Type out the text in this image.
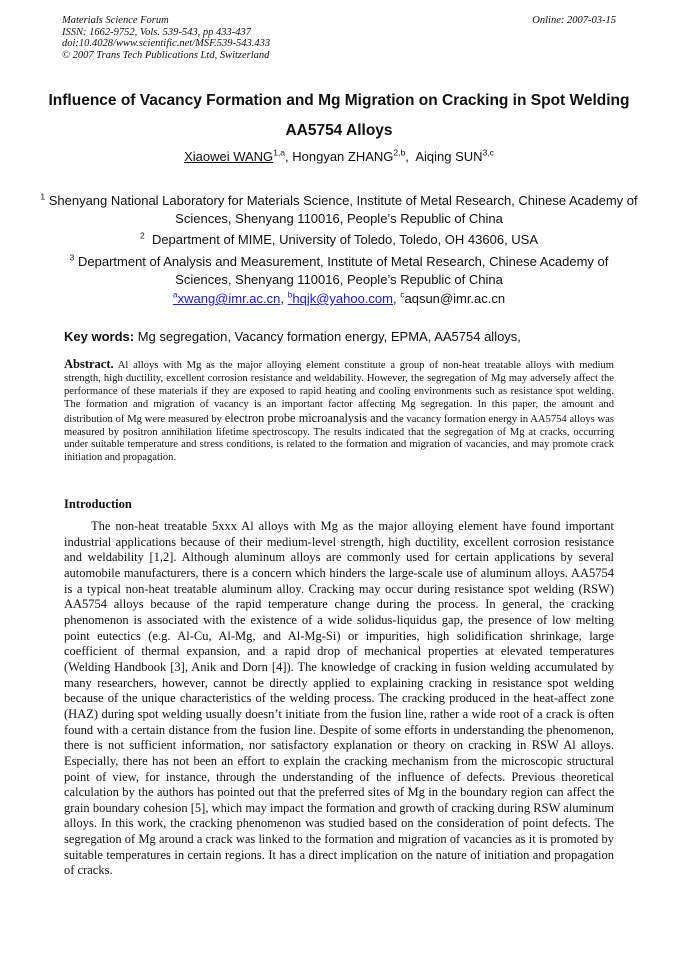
Materials Science Forum
ISSN: 1662-9752, Vols. 539-543, pp 433-437
doi:10.4028/www.scientific.net/MSF.539-543.433
© 2007 Trans Tech Publications Ltd, Switzerland
Online: 2007-03-15
Influence of Vacancy Formation and Mg Migration on Cracking in Spot Welding AA5754 Alloys
Xiaowei WANG$^{1,a}$, Hongyan ZHANG$^{2,b}$,  Aiqing SUN$^{3,c}$
$^1$ Shenyang National Laboratory for Materials Science, Institute of Metal Research, Chinese Academy of Sciences, Shenyang 110016, People’s Republic of China
$^2$ Department of MIME, University of Toledo, Toledo, OH 43606, USA
$^3$ Department of Analysis and Measurement, Institute of Metal Research, Chinese Academy of Sciences, Shenyang 110016, People’s Republic of China
$^a$xwang@imr.ac.cn, $^b$hqjk@yahoo.com, $^c$aqsun@imr.ac.cn
Key words: Mg segregation, Vacancy formation energy, EPMA, AA5754 alloys,
Abstract. Al alloys with Mg as the major alloying element constitute a group of non-heat treatable alloys with medium strength, high ductility, excellent corrosion resistance and weldability. However, the segregation of Mg may adversely affect the performance of these materials if they are exposed to rapid heating and cooling environments such as resistance spot welding. The formation and migration of vacancy is an important factor affecting Mg segregation. In this paper, the amount and distribution of Mg were measured by electron probe microanalysis and the vacancy formation energy in AA5754 alloys was measured by positron annihilation lifetime spectroscopy. The results indicated that the segregation of Mg at cracks, occurring under suitable temperature and stress conditions, is related to the formation and migration of vacancies, and may promote crack initiation and propagation.
Introduction

The non-heat treatable 5xxx Al alloys with Mg as the major alloying element have found important industrial applications because of their medium-level strength, high ductility, excellent corrosion resistance and weldability [1,2]. Although aluminum alloys are commonly used for certain applications by several automobile manufacturers, there is a concern which hinders the large-scale use of aluminum alloys. AA5754 is a typical non-heat treatable aluminum alloy. Cracking may occur during resistance spot welding (RSW) AA5754 alloys because of the rapid temperature change during the process. In general, the cracking phenomenon is associated with the existence of a wide solidus-liquidus gap, the presence of low melting point eutectics (e.g. Al-Cu, Al-Mg, and Al-Mg-Si) or impurities, high solidification shrinkage, large coefficient of thermal expansion, and a rapid drop of mechanical properties at elevated temperatures (Welding Handbook [3], Anik and Dorn [4]). The knowledge of cracking in fusion welding accumulated by many researchers, however, cannot be directly applied to explaining cracking in resistance spot welding because of the unique characteristics of the welding process. The cracking produced in the heat-affect zone (HAZ) during spot welding usually doesn’t initiate from the fusion line, rather a wide root of a crack is often found with a certain distance from the fusion line. Despite of some efforts in understanding the phenomenon, there is not sufficient information, nor satisfactory explanation or theory on cracking in RSW Al alloys. Especially, there has not been an effort to explain the cracking mechanism from the microscopic structural point of view, for instance, through the understanding of the influence of defects. Previous theoretical calculation by the authors has pointed out that the preferred sites of Mg in the boundary region can affect the grain boundary cohesion [5], which may impact the formation and growth of cracking during RSW aluminum alloys. In this work, the cracking phenomenon was studied based on the consideration of point defects. The segregation of Mg around a crack was linked to the formation and migration of vacancies as it is promoted by suitable temperatures in certain regions. It has a direct implication on the nature of initiation and propagation of cracks.
